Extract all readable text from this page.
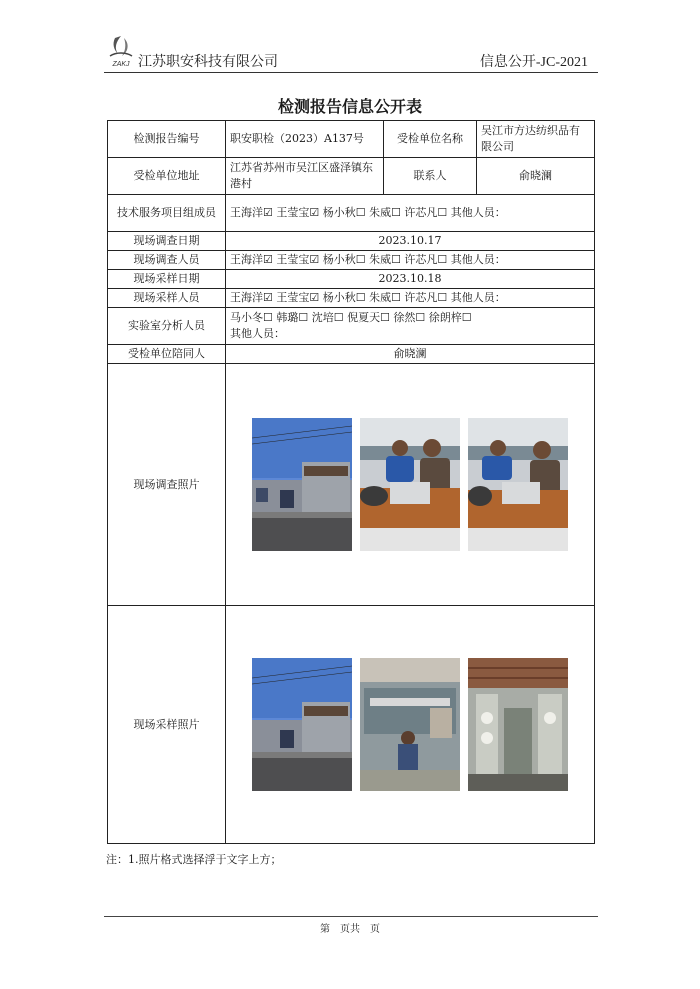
ZAKJ 江苏职安科技有限公司	信息公开-JC-2021
检测报告信息公开表
检测报告编号	职安职检（2023）A137号	受检单位名称	吴江市方达纺织品有限公司
受检单位地址	江苏省苏州市吴江区盛泽镇东港村	联系人	俞晓澜
技术服务项目组成员	王海洋☑ 王莹宝☑ 杨小秋☐ 朱威☐ 许芯凡☐ 其他人员：		
现场调查日期	2023.10.17		
现场调查人员	王海洋☑ 王莹宝☑ 杨小秋☐ 朱威☐ 许芯凡☐ 其他人员：		
现场采样日期	2023.10.18		
现场采样人员	王海洋☑ 王莹宝☑ 杨小秋☐ 朱威☐ 许芯凡☐ 其他人员：		
实验室分析人员	马小冬☐ 韩璐☐ 沈培☐ 倪夏天☐ 徐然☐ 徐朗梓☐
其他人员：		

受检单位陪同人	俞晓澜		
现场调查照片	

现场采样照片	
注：1.照片格式选择浮于文字上方；
第　页共　页
